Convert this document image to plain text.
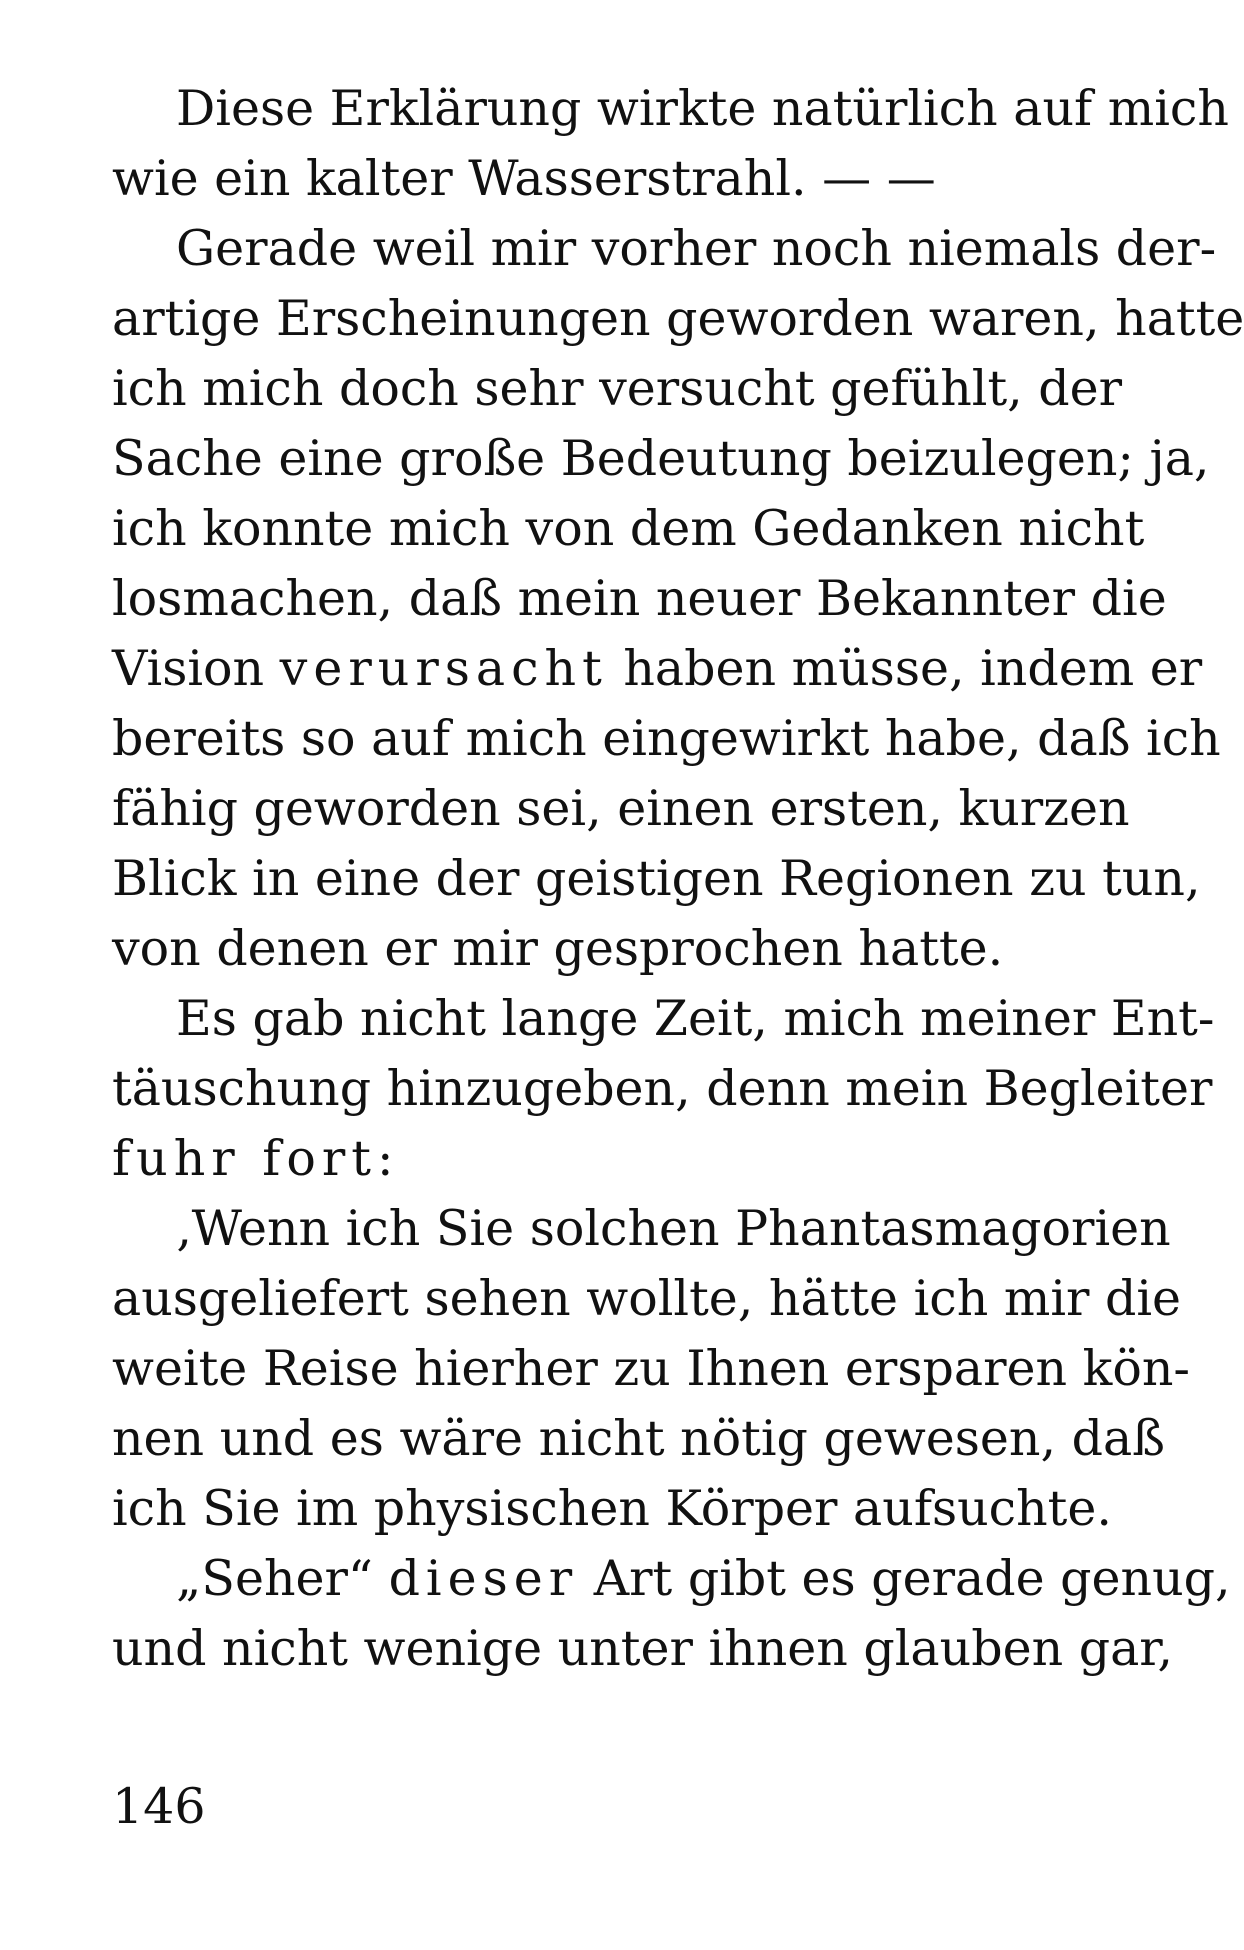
Diese Erklärung wirkte natürlich auf mich
wie ein kalter Wasserstrahl. — —
Gerade weil mir vorher noch niemals der-
artige Erscheinungen geworden waren, hatte
ich mich doch sehr versucht gefühlt, der
Sache eine große Bedeutung beizulegen; ja,
ich konnte mich von dem Gedanken nicht
losmachen, daß mein neuer Bekannter die
Vision verursacht haben müsse, indem er
bereits so auf mich eingewirkt habe, daß ich
fähig geworden sei, einen ersten, kurzen
Blick in eine der geistigen Regionen zu tun,
von denen er mir gesprochen hatte.
Es gab nicht lange Zeit, mich meiner Ent-
täuschung hinzugeben, denn mein Begleiter
fuhr fort:
‚Wenn ich Sie solchen Phantasmagorien
ausgeliefert sehen wollte, hätte ich mir die
weite Reise hierher zu Ihnen ersparen kön-
nen und es wäre nicht nötig gewesen, daß
ich Sie im physischen Körper aufsuchte.
„Seher“ dieser Art gibt es gerade genug,
und nicht wenige unter ihnen glauben gar,
146
